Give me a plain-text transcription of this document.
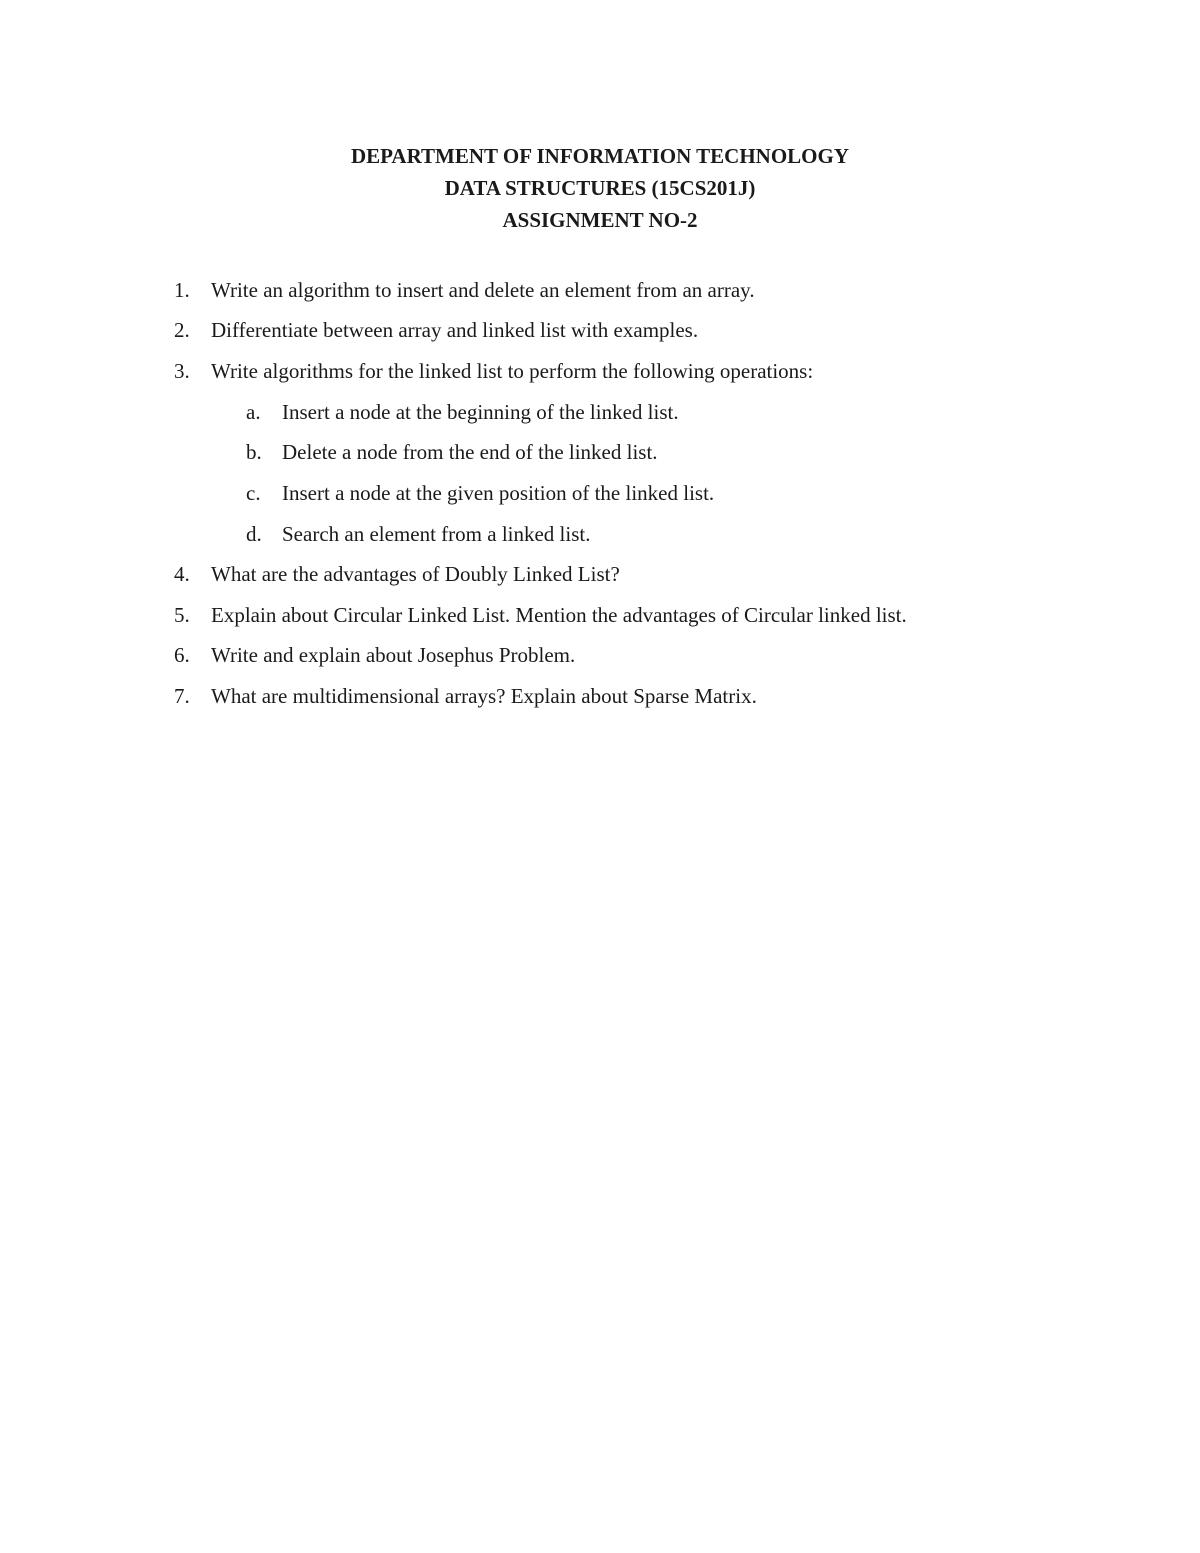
DEPARTMENT OF INFORMATION TECHNOLOGY
DATA STRUCTURES (15CS201J)
ASSIGNMENT NO-2
1. Write an algorithm to insert and delete an element from an array.
2. Differentiate between array and linked list with examples.
3. Write algorithms for the linked list to perform the following operations:
a. Insert a node at the beginning of the linked list.
b. Delete a node from the end of the linked list.
c. Insert a node at the given position of the linked list.
d. Search an element from a linked list.
4. What are the advantages of Doubly Linked List?
5. Explain about Circular Linked List. Mention the advantages of Circular linked list.
6. Write and explain about Josephus Problem.
7. What are multidimensional arrays? Explain about Sparse Matrix.
